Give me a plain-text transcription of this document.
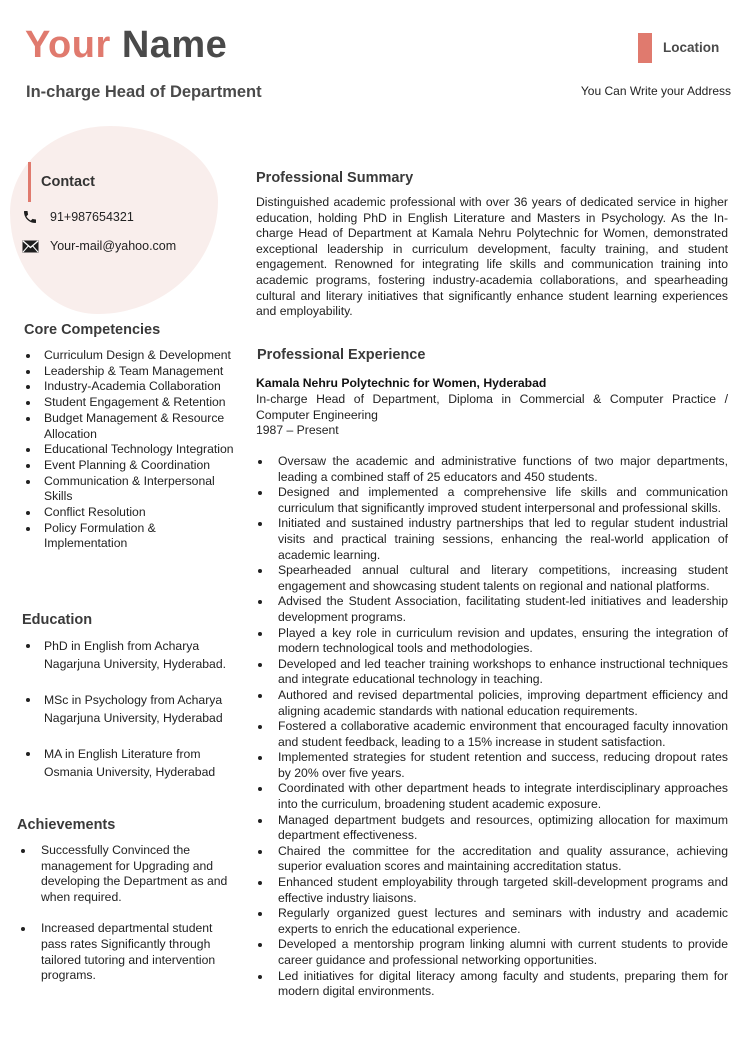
Your Name
In-charge Head of Department
Location
You Can Write your Address
Contact
91+987654321
Your-mail@yahoo.com
Core Competencies
Curriculum Design & Development
Leadership & Team Management
Industry-Academia Collaboration
Student Engagement & Retention
Budget Management & Resource Allocation
Educational Technology Integration
Event Planning & Coordination
Communication & Interpersonal Skills
Conflict Resolution
Policy Formulation & Implementation
Education
PhD in English from Acharya Nagarjuna University, Hyderabad.
MSc in Psychology from Acharya Nagarjuna University, Hyderabad
MA in English Literature from Osmania University, Hyderabad
Achievements
Successfully Convinced the management for Upgrading and developing the Department as and when required.
Increased departmental student pass rates Significantly through tailored tutoring and intervention programs.
Professional Summary

Distinguished academic professional with over 36 years of dedicated service in higher education, holding PhD in English Literature and Masters in Psychology. As the In-charge Head of Department at Kamala Nehru Polytechnic for Women, demonstrated exceptional leadership in curriculum development, faculty training, and student engagement. Renowned for integrating life skills and communication training into academic programs, fostering industry-academia collaborations, and spearheading cultural and literary initiatives that significantly enhance student learning experiences and employability.

Professional Experience
Kamala Nehru Polytechnic for Women, Hyderabad
In-charge Head of Department, Diploma in Commercial & Computer Practice / Computer Engineering
1987 – Present
Oversaw the academic and administrative functions of two major departments, leading a combined staff of 25 educators and 450 students.
Designed and implemented a comprehensive life skills and communication curriculum that significantly improved student interpersonal and professional skills.
Initiated and sustained industry partnerships that led to regular student industrial visits and practical training sessions, enhancing the real-world application of academic learning.
Spearheaded annual cultural and literary competitions, increasing student engagement and showcasing student talents on regional and national platforms.
Advised the Student Association, facilitating student-led initiatives and leadership development programs.
Played a key role in curriculum revision and updates, ensuring the integration of modern technological tools and methodologies.
Developed and led teacher training workshops to enhance instructional techniques and integrate educational technology in teaching.
Authored and revised departmental policies, improving department efficiency and aligning academic standards with national education requirements.
Fostered a collaborative academic environment that encouraged faculty innovation and student feedback, leading to a 15% increase in student satisfaction.
Implemented strategies for student retention and success, reducing dropout rates by 20% over five years.
Coordinated with other department heads to integrate interdisciplinary approaches into the curriculum, broadening student academic exposure.
Managed department budgets and resources, optimizing allocation for maximum department effectiveness.
Chaired the committee for the accreditation and quality assurance, achieving superior evaluation scores and maintaining accreditation status.
Enhanced student employability through targeted skill-development programs and effective industry liaisons.
Regularly organized guest lectures and seminars with industry and academic experts to enrich the educational experience.
Developed a mentorship program linking alumni with current students to provide career guidance and professional networking opportunities.
Led initiatives for digital literacy among faculty and students, preparing them for modern digital environments.
